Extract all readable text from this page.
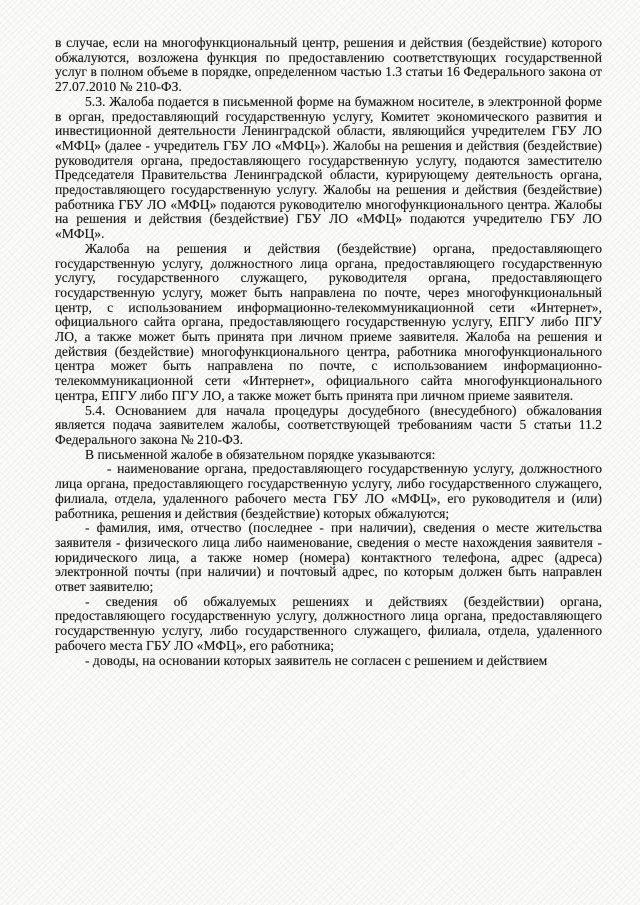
в случае, если на многофункциональный центр, решения и действия (бездействие) которого обжалуются, возложена функция по предоставлению соответствующих государственной услуг в полном объеме в порядке, определенном частью 1.3 статьи 16 Федерального закона от 27.07.2010 № 210-ФЗ.

5.3. Жалоба подается в письменной форме на бумажном носителе, в электронной форме в орган, предоставляющий государственную услугу, Комитет экономического развития и инвестиционной деятельности Ленинградской области, являющийся учредителем ГБУ ЛО «МФЦ» (далее - учредитель ГБУ ЛО «МФЦ»). Жалобы на решения и действия (бездействие) руководителя органа, предоставляющего государственную услугу, подаются заместителю Председателя Правительства Ленинградской области, курирующему деятельность органа, предоставляющего государственную услугу. Жалобы на решения и действия (бездействие) работника ГБУ ЛО «МФЦ» подаются руководителю многофункционального центра. Жалобы на решения и действия (бездействие) ГБУ ЛО «МФЦ» подаются учредителю ГБУ ЛО «МФЦ».

Жалоба на решения и действия (бездействие) органа, предоставляющего государственную услугу, должностного лица органа, предоставляющего государственную услугу, государственного служащего, руководителя органа, предоставляющего государственную услугу, может быть направлена по почте, через многофункциональный центр, с использованием информационно-телекоммуникационной сети «Интернет», официального сайта органа, предоставляющего государственную услугу, ЕПГУ либо ПГУ ЛО, а также может быть принята при личном приеме заявителя. Жалоба на решения и действия (бездействие) многофункционального центра, работника многофункционального центра может быть направлена по почте, с использованием информационно-телекоммуникационной сети «Интернет», официального сайта многофункционального центра, ЕПГУ либо ПГУ ЛО, а также может быть принята при личном приеме заявителя.

5.4. Основанием для начала процедуры досудебного (внесудебного) обжалования является подача заявителем жалобы, соответствующей требованиям части 5 статьи 11.2 Федерального закона № 210-ФЗ.

В письменной жалобе в обязательном порядке указываются:

- наименование органа, предоставляющего государственную услугу, должностного лица органа, предоставляющего государственную услугу, либо государственного служащего, филиала, отдела, удаленного рабочего места ГБУ ЛО «МФЦ», его руководителя и (или) работника, решения и действия (бездействие) которых обжалуются;

- фамилия, имя, отчество (последнее - при наличии), сведения о месте жительства заявителя - физического лица либо наименование, сведения о месте нахождения заявителя - юридического лица, а также номер (номера) контактного телефона, адрес (адреса) электронной почты (при наличии) и почтовый адрес, по которым должен быть направлен ответ заявителю;

- сведения об обжалуемых решениях и действиях (бездействии) органа, предоставляющего государственную услугу, должностного лица органа, предоставляющего государственную услугу, либо государственного служащего, филиала, отдела, удаленного рабочего места ГБУ ЛО «МФЦ», его работника;

- доводы, на основании которых заявитель не согласен с решением и действием
